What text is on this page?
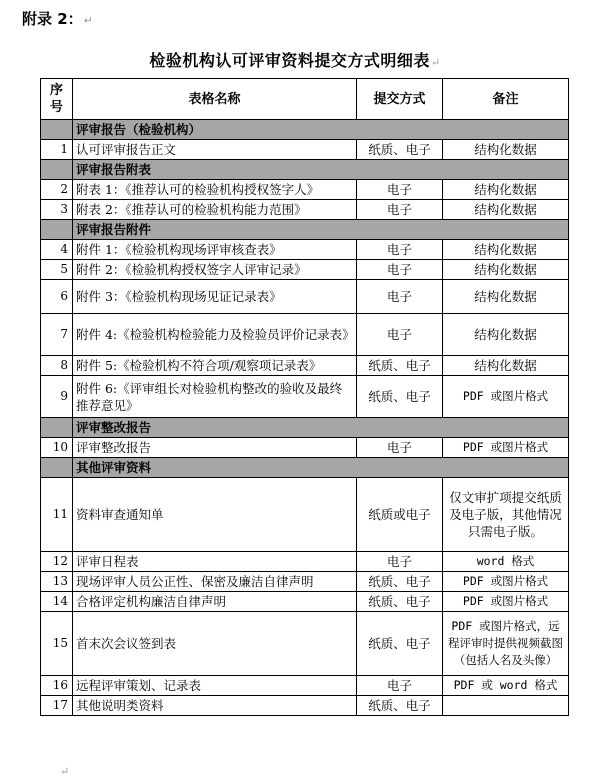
附录 2：↵
检验机构认可评审资料提交方式明细表↵
序号	表格名称	提交方式	备注
	评审报告（检验机构）		
1	认可评审报告正文	纸质、电子	结构化数据
	评审报告附表		
2	附表 1：《推荐认可的检验机构授权签字人》	电子	结构化数据
3	附表 2：《推荐认可的检验机构能力范围》	电子	结构化数据
	评审报告附件		
4	附件 1：《检验机构现场评审核查表》	电子	结构化数据
5	附件 2：《检验机构授权签字人评审记录》	电子	结构化数据
6	附件 3：《检验机构现场见证记录表》	电子	结构化数据
7	附件 4:《检验机构检验能力及检验员评价记录表》	电子	结构化数据
8	附件 5:《检验机构不符合项/观察项记录表》	纸质、电子	结构化数据
9	附件 6:《评审组长对检验机构整改的验收及最终推荐意见》	纸质、电子	PDF 或图片格式
	评审整改报告		
10	评审整改报告	电子	PDF 或图片格式
	其他评审资料		
11	资料审查通知单	纸质或电子	仅文审扩项提交纸质及电子版，其他情况只需电子版。
12	评审日程表	电子	word 格式
13	现场评审人员公正性、保密及廉洁自律声明	纸质、电子	PDF 或图片格式
14	合格评定机构廉洁自律声明	纸质、电子	PDF 或图片格式
15	首末次会议签到表	纸质、电子	PDF 或图片格式，远程评审时提供视频截图（包括人名及头像）
16	远程评审策划、记录表	电子	PDF 或 word 格式
17	其他说明类资料	纸质、电子	
↵
